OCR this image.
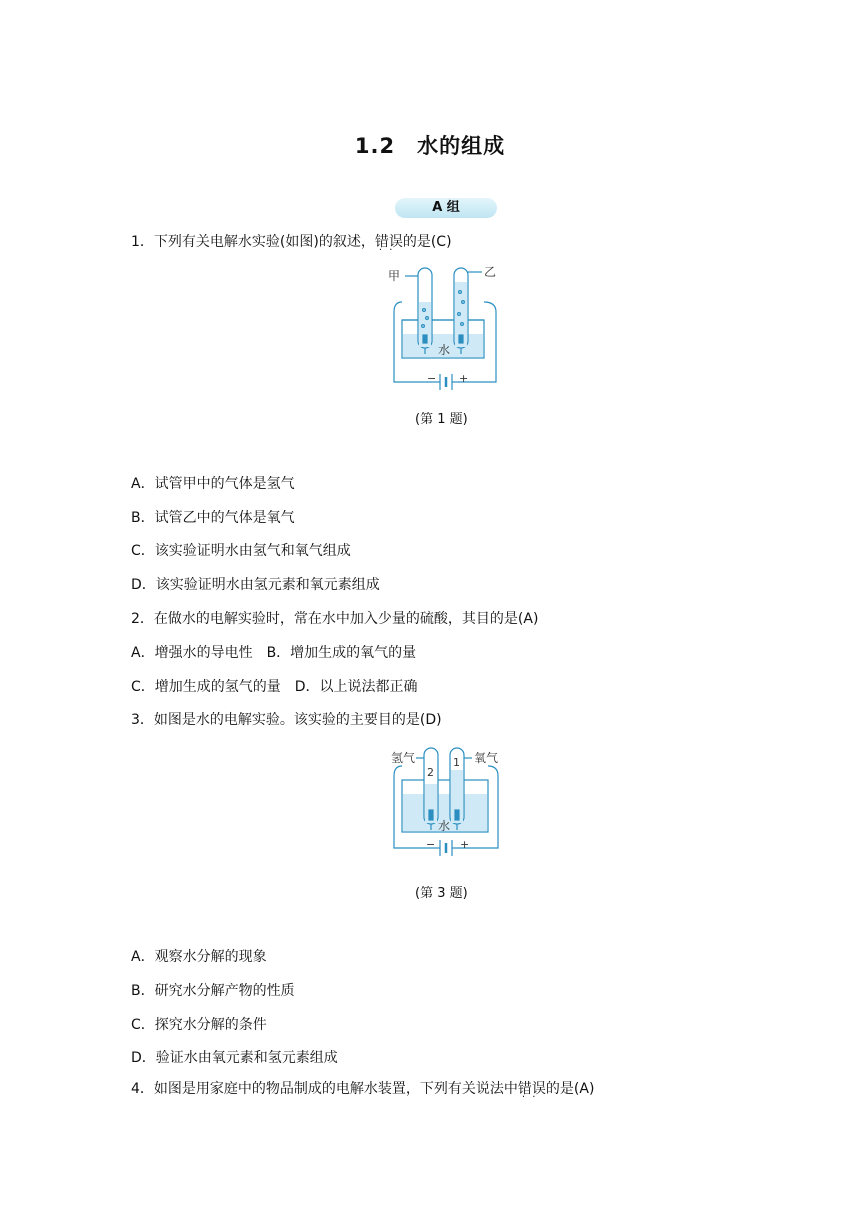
1.2　水的组成
A 组
1．下列有关电解水实验(如图)的叙述，错误 · ·的是(C)
甲	乙
水
− +
(第 1 题)
A．试管甲中的气体是氢气
B．试管乙中的气体是氧气
C．该实验证明水由氢气和氧气组成
D．该实验证明水由氢元素和氧元素组成
2．在做水的电解实验时，常在水中加入少量的硫酸，其目的是(A)
A．增强水的导电性　B．增加生成的氧气的量
C．增加生成的氢气的量　D．以上说法都正确
3．如图是水的电解实验。该实验的主要目的是(D)
氢气	氧气
2
1
水
− +
(第 3 题)
A．观察水分解的现象
B．研究水分解产物的性质
C．探究水分解的条件
D．验证水由氧元素和氢元素组成
4．如图是用家庭中的物品制成的电解水装置，下列有关说法中错误 · ·的是(A)
